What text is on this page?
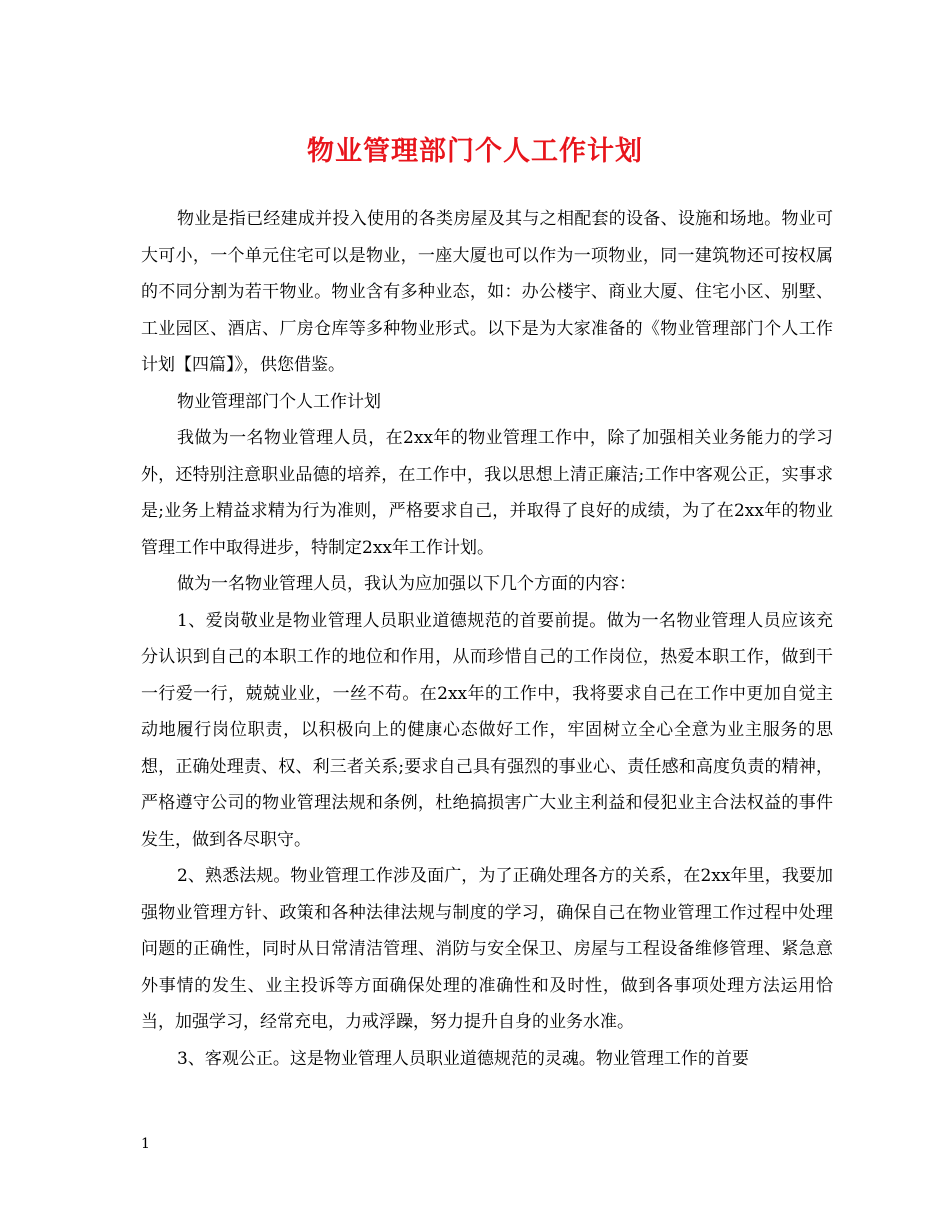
物业管理部门个人工作计划

物业是指已经建成并投入使用的各类房屋及其与之相配套的设备、设施和场地。物业可大可小，一个单元住宅可以是物业，一座大厦也可以作为一项物业，同一建筑物还可按权属的不同分割为若干物业。物业含有多种业态，如：办公楼宇、商业大厦、住宅小区、别墅、工业园区、酒店、厂房仓库等多种物业形式。以下是为大家准备的《物业管理部门个人工作计划【四篇】》，供您借鉴。

物业管理部门个人工作计划

我做为一名物业管理人员，在2xx年的物业管理工作中，除了加强相关业务能力的学习外，还特别注意职业品德的培养，在工作中，我以思想上清正廉洁;工作中客观公正，实事求是;业务上精益求精为行为准则，严格要求自己，并取得了良好的成绩，为了在2xx年的物业管理工作中取得进步，特制定2xx年工作计划。

做为一名物业管理人员，我认为应加强以下几个方面的内容：

1、爱岗敬业是物业管理人员职业道德规范的首要前提。做为一名物业管理人员应该充分认识到自己的本职工作的地位和作用，从而珍惜自己的工作岗位，热爱本职工作，做到干一行爱一行，兢兢业业，一丝不苟。在2xx年的工作中，我将要求自己在工作中更加自觉主动地履行岗位职责，以积极向上的健康心态做好工作，牢固树立全心全意为业主服务的思想，正确处理责、权、利三者关系;要求自己具有强烈的事业心、责任感和高度负责的精神，严格遵守公司的物业管理法规和条例，杜绝搞损害广大业主利益和侵犯业主合法权益的事件发生，做到各尽职守。

2、熟悉法规。物业管理工作涉及面广，为了正确处理各方的关系，在2xx年里，我要加强物业管理方针、政策和各种法律法规与制度的学习，确保自己在物业管理工作过程中处理问题的正确性，同时从日常清洁管理、消防与安全保卫、房屋与工程设备维修管理、紧急意外事情的发生、业主投诉等方面确保处理的准确性和及时性，做到各事项处理方法运用恰当，加强学习，经常充电，力戒浮躁，努力提升自身的业务水准。

3、客观公正。这是物业管理人员职业道德规范的灵魂。物业管理工作的首要

1
